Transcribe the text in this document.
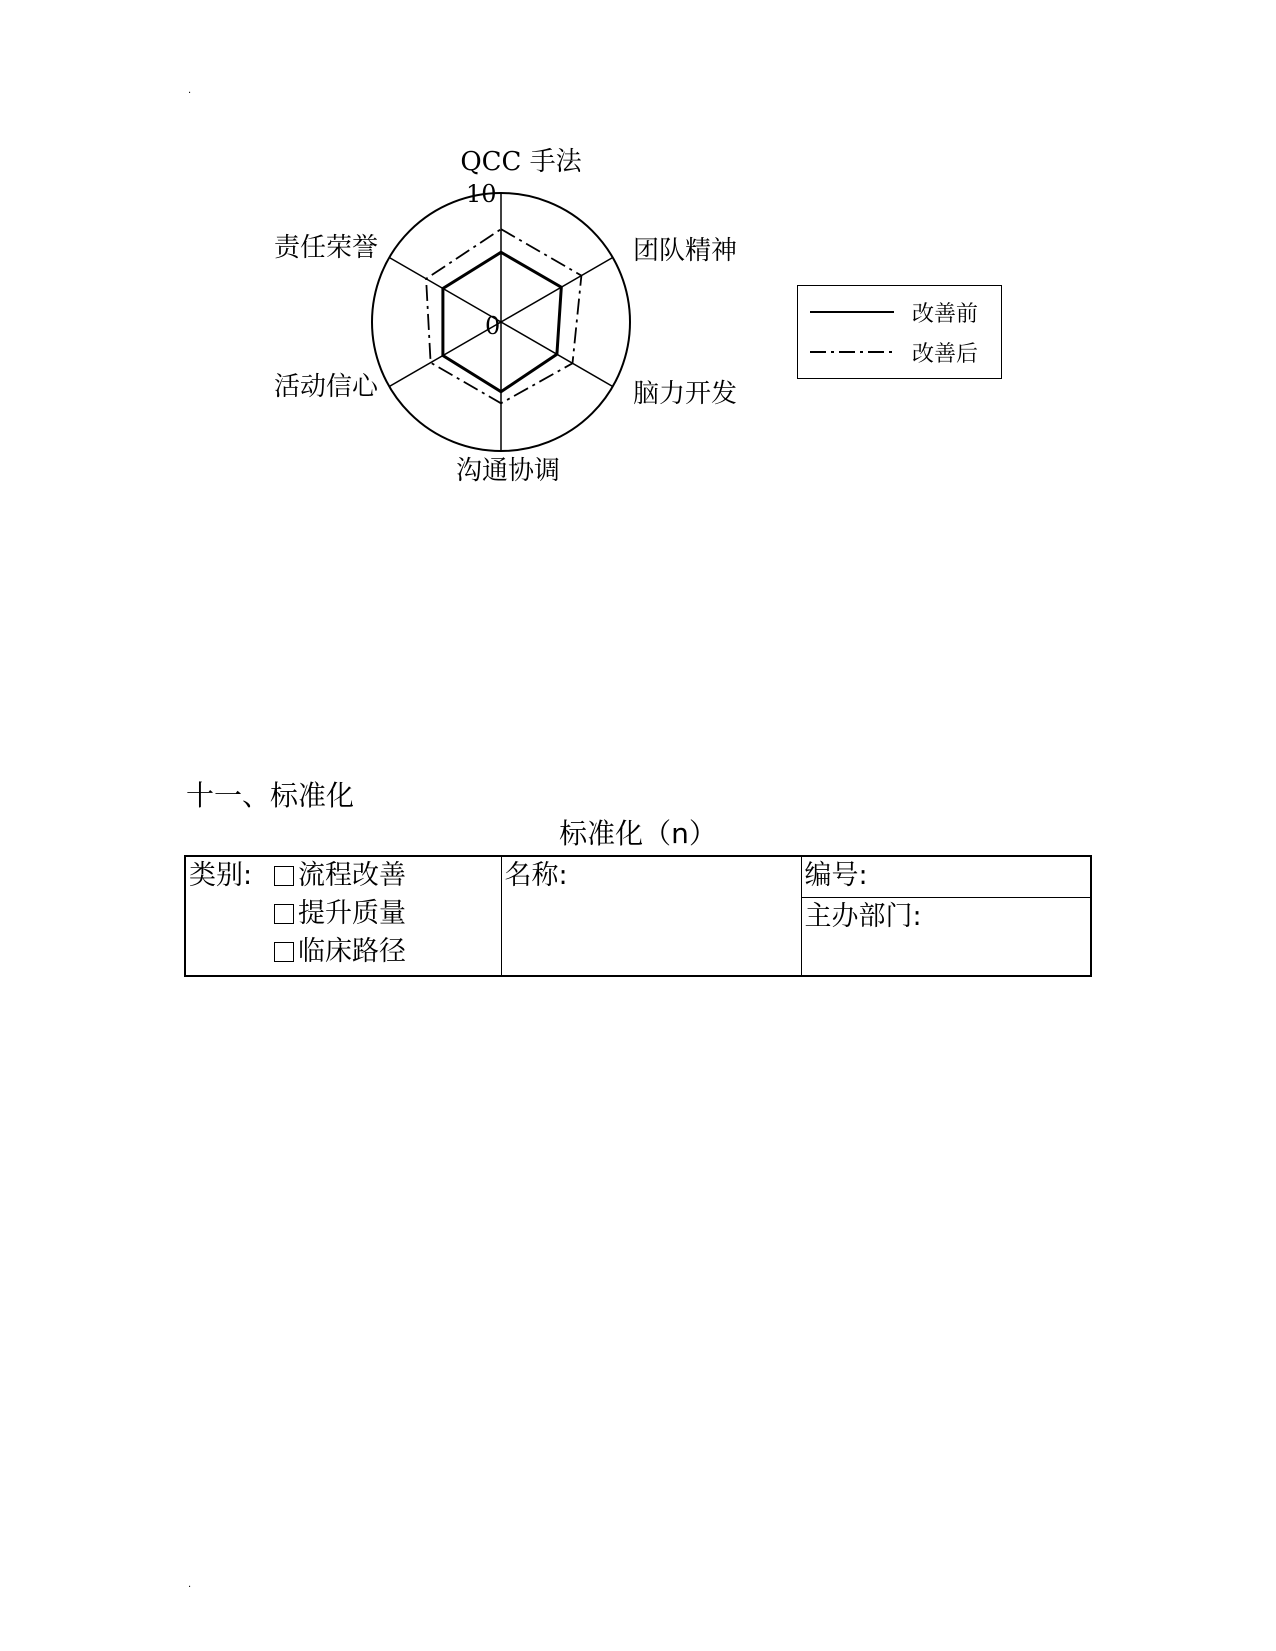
.
QCC 手法
团队精神
脑力开发
沟通协调
活动信心
责任荣誉
10
0	改善前
改善后
十一、标准化
标准化（n）
类别:	流程改善
提升质量
临床路径
	名称:	编号:
主办部门:
.
